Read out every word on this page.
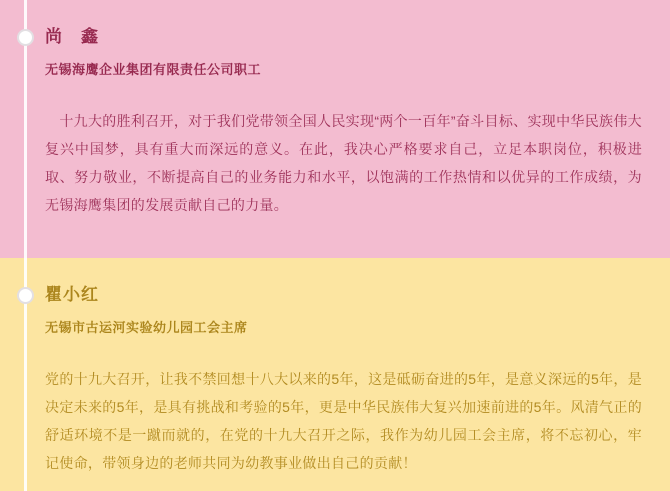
尚　鑫
无锡海鹰企业集团有限责任公司职工

　十九大的胜利召开，对于我们党带领全国人民实现“两个一百年”奋斗目标、实现中华民族伟大复兴中国梦，具有重大而深远的意义。在此，我决心严格要求自己，立足本职岗位，积极进取、努力敬业，不断提高自己的业务能力和水平，以饱满的工作热情和以优异的工作成绩，为无锡海鹰集团的发展贡献自己的力量。

瞿小红
无锡市古运河实验幼儿园工会主席

党的十九大召开，让我不禁回想十八大以来的5年，这是砥砺奋进的5年，是意义深远的5年，是决定未来的5年，是具有挑战和考验的5年，更是中华民族伟大复兴加速前进的5年。风清气正的舒适环境不是一蹴而就的，在党的十九大召开之际，我作为幼儿园工会主席，将不忘初心，牢记使命，带领身边的老师共同为幼教事业做出自己的贡献！
